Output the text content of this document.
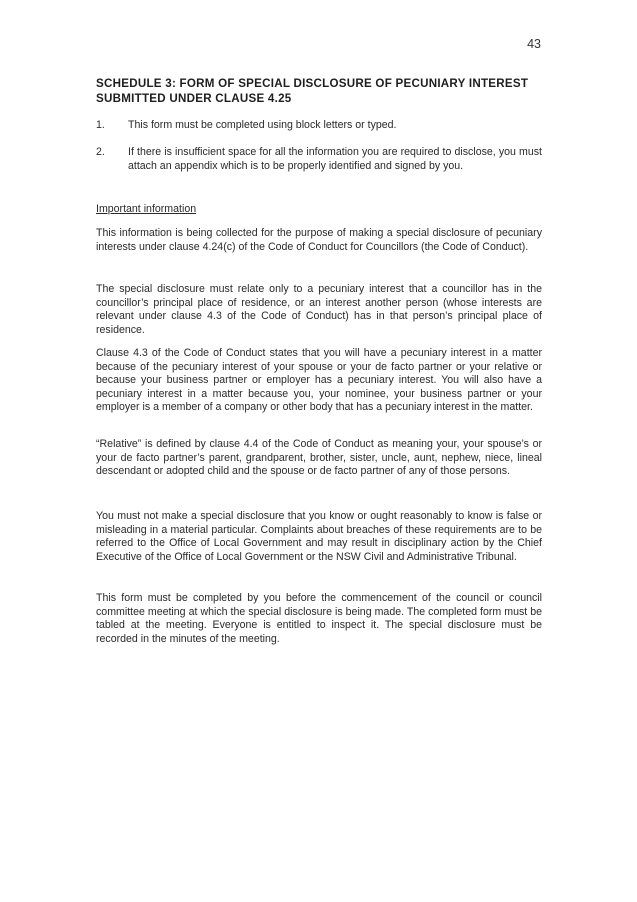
43
SCHEDULE 3: FORM OF SPECIAL DISCLOSURE OF PECUNIARY INTEREST SUBMITTED UNDER CLAUSE 4.25
1. This form must be completed using block letters or typed.
2. If there is insufficient space for all the information you are required to disclose, you must attach an appendix which is to be properly identified and signed by you.
Important information
This information is being collected for the purpose of making a special disclosure of pecuniary interests under clause 4.24(c) of the Code of Conduct for Councillors (the Code of Conduct).
The special disclosure must relate only to a pecuniary interest that a councillor has in the councillor’s principal place of residence, or an interest another person (whose interests are relevant under clause 4.3 of the Code of Conduct) has in that person’s principal place of residence.
Clause 4.3 of the Code of Conduct states that you will have a pecuniary interest in a matter because of the pecuniary interest of your spouse or your de facto partner or your relative or because your business partner or employer has a pecuniary interest. You will also have a pecuniary interest in a matter because you, your nominee, your business partner or your employer is a member of a company or other body that has a pecuniary interest in the matter.
“Relative” is defined by clause 4.4 of the Code of Conduct as meaning your, your spouse’s or your de facto partner’s parent, grandparent, brother, sister, uncle, aunt, nephew, niece, lineal descendant or adopted child and the spouse or de facto partner of any of those persons.
You must not make a special disclosure that you know or ought reasonably to know is false or misleading in a material particular. Complaints about breaches of these requirements are to be referred to the Office of Local Government and may result in disciplinary action by the Chief Executive of the Office of Local Government or the NSW Civil and Administrative Tribunal.
This form must be completed by you before the commencement of the council or council committee meeting at which the special disclosure is being made. The completed form must be tabled at the meeting. Everyone is entitled to inspect it. The special disclosure must be recorded in the minutes of the meeting.
